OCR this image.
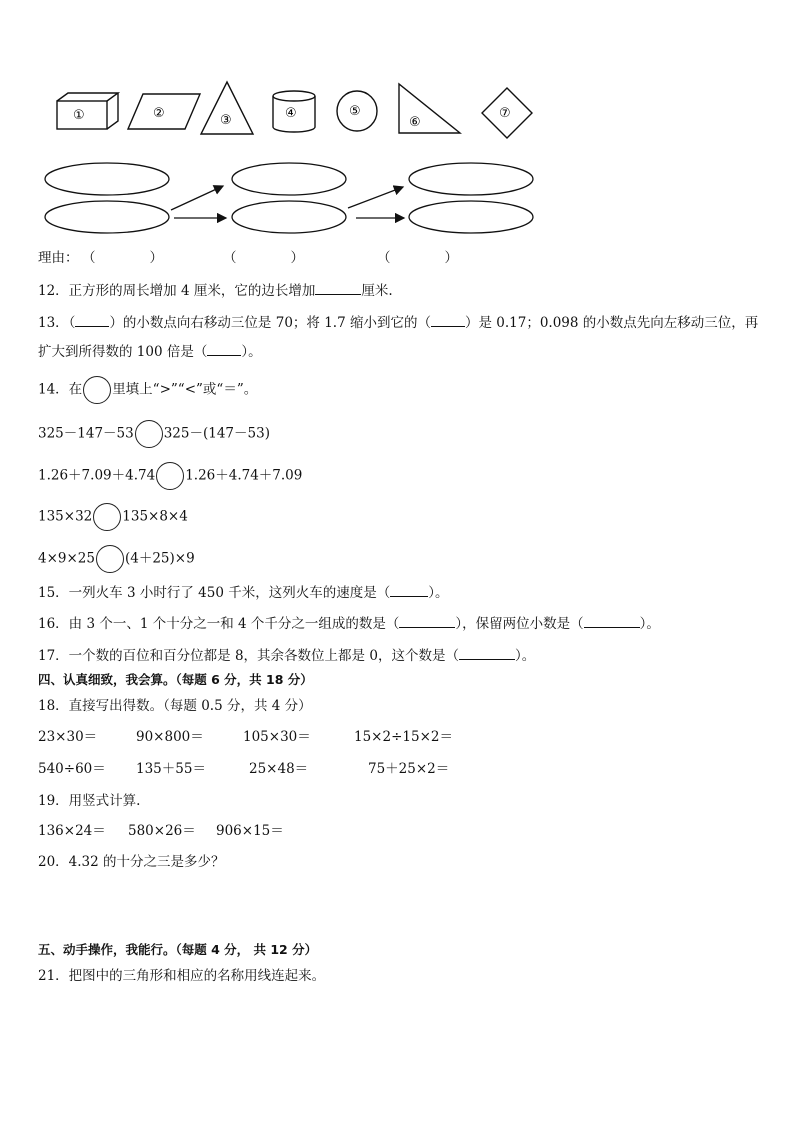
①	②	③	④	⑤
⑥
⑦
理由： （　　　　）	（　　　　）	（　　　　）
12．正方形的周长增加 4 厘米，它的边长增加	厘米.
13．（	）的小数点向右移动三位是 70；将 1.7 缩小到它的（	）是 0.17；0.098 的小数点先向左移动三位，再
扩大到所得数的 100 倍是（	）。
14．在 里填上“>”“<”或“＝”。
325－147－53 325－(147－53)
1.26＋7.09＋4.74 1.26＋4.74＋7.09
135×32 135×8×4
4×9×25 (4＋25)×9
15．一列火车 3 小时行了 450 千米，这列火车的速度是（	）。
16．由 3 个一、1 个十分之一和 4 个千分之一组成的数是（	），保留两位小数是（	）。
17．一个数的百位和百分位都是 8，其余各数位上都是 0，这个数是（	）。
四、认真细致，我会算。（每题 6 分，共 18 分）
18．直接写出得数。（每题 0.5 分，共 4 分）
23×30＝	90×800＝	105×30＝	15×2÷15×2＝
540÷60＝ 135＋55＝	25×48＝	75＋25×2＝
19．用竖式计算.
136×24＝ 580×26＝ 906×15＝
20．4.32 的十分之三是多少？
五、动手操作，我能行。（每题 4 分， 共 12 分）
21．把图中的三角形和相应的名称用线连起来。
